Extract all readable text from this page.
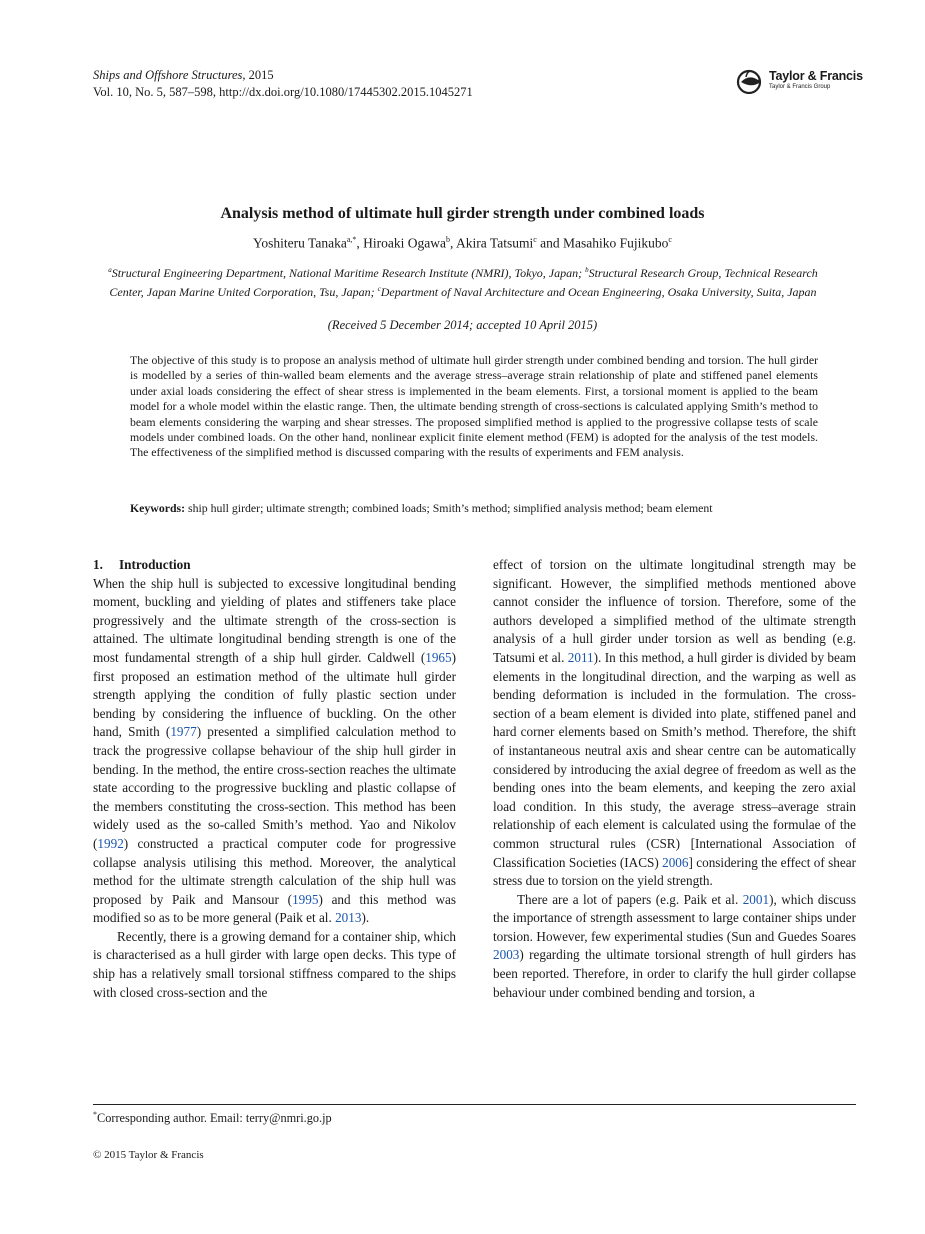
Ships and Offshore Structures, 2015
Vol. 10, No. 5, 587–598, http://dx.doi.org/10.1080/17445302.2015.1045271
Taylor & Francis
Taylor & Francis Group
Analysis method of ultimate hull girder strength under combined loads
Yoshiteru Tanaka$^{a,*}$, Hiroaki Ogawa$^b$, Akira Tatsumi$^c$ and Masahiko Fujikubo$^c$
$^a$Structural Engineering Department, National Maritime Research Institute (NMRI), Tokyo, Japan; $^b$Structural Research Group, Technical Research Center, Japan Marine United Corporation, Tsu, Japan; $^c$Department of Naval Architecture and Ocean Engineering, Osaka University, Suita, Japan
(Received 5 December 2014; accepted 10 April 2015)
The objective of this study is to propose an analysis method of ultimate hull girder strength under combined bending and torsion. The hull girder is modelled by a series of thin-walled beam elements and the average stress–average strain relationship of plate and stiffened panel elements under axial loads considering the effect of shear stress is implemented in the beam elements. First, a torsional moment is applied to the beam model for a whole model within the elastic range. Then, the ultimate bending strength of cross-sections is calculated applying Smith’s method to beam elements considering the warping and shear stresses. The proposed simplified method is applied to the progressive collapse tests of scale models under combined loads. On the other hand, nonlinear explicit finite element method (FEM) is adopted for the analysis of the test models. The effectiveness of the simplified method is discussed comparing with the results of experiments and FEM analysis.
Keywords: ship hull girder; ultimate strength; combined loads; Smith’s method; simplified analysis method; beam element

1. Introduction

When the ship hull is subjected to excessive longitudinal bending moment, buckling and yielding of plates and stiffeners take place progressively and the ultimate strength of the cross-section is attained. The ultimate longitudinal bending strength is one of the most fundamental strength of a ship hull girder. Caldwell (1965) first proposed an estimation method of the ultimate hull girder strength applying the condition of fully plastic section under bending by considering the influence of buckling. On the other hand, Smith (1977) presented a simplified calculation method to track the progressive collapse behaviour of the ship hull girder in bending. In the method, the entire cross-section reaches the ultimate state according to the progressive buckling and plastic collapse of the members constituting the cross-section. This method has been widely used as the so-called Smith’s method. Yao and Nikolov (1992) constructed a practical computer code for progressive collapse analysis utilising this method. Moreover, the analytical method for the ultimate strength calculation of the ship hull was proposed by Paik and Mansour (1995) and this method was modified so as to be more general (Paik et al. 2013).

Recently, there is a growing demand for a container ship, which is characterised as a hull girder with large open decks. This type of ship has a relatively small torsional stiffness compared to the ships with closed cross-section and the

effect of torsion on the ultimate longitudinal strength may be significant. However, the simplified methods mentioned above cannot consider the influence of torsion. Therefore, some of the authors developed a simplified method of the ultimate strength analysis of a hull girder under torsion as well as bending (e.g. Tatsumi et al. 2011). In this method, a hull girder is divided by beam elements in the longitudinal direction, and the warping as well as bending deformation is included in the formulation. The cross-section of a beam element is divided into plate, stiffened panel and hard corner elements based on Smith’s method. Therefore, the shift of instantaneous neutral axis and shear centre can be automatically considered by introducing the axial degree of freedom as well as the bending ones into the beam elements, and keeping the zero axial load condition. In this study, the average stress–average strain relationship of each element is calculated using the formulae of the common structural rules (CSR) [International Association of Classification Societies (IACS) 2006] considering the effect of shear stress due to torsion on the yield strength.

There are a lot of papers (e.g. Paik et al. 2001), which discuss the importance of strength assessment to large container ships under torsion. However, few experimental studies (Sun and Guedes Soares 2003) regarding the ultimate torsional strength of hull girders has been reported. Therefore, in order to clarify the hull girder collapse behaviour under combined bending and torsion, a

*Corresponding author. Email: terry@nmri.go.jp
© 2015 Taylor & Francis
